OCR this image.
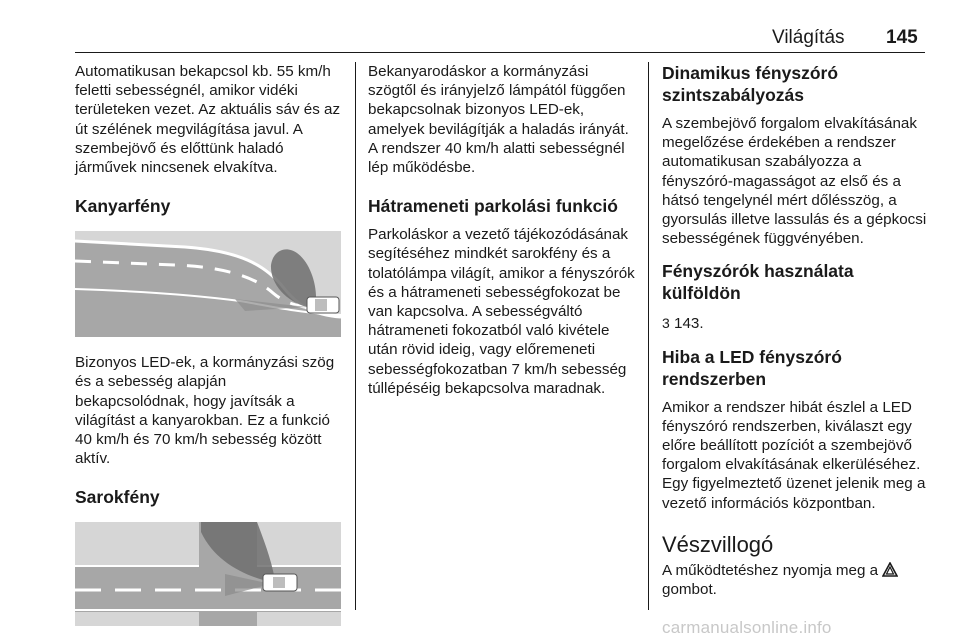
Világítás 145

Automatikusan bekapcsol kb. 55 km/h feletti sebességnél, amikor vidéki területeken vezet. Az aktuális sáv és az út szélének megvilágítása javul. A szembejövő és előttünk haladó járművek nincsenek elvakítva.

Kanyarfény

Bizonyos LED-ek, a kormányzási szög és a sebesség alapján bekapcsolódnak, hogy javítsák a világítást a kanyarokban. Ez a funkció 40 km/h és 70 km/h sebesség között aktív.

Sarokfény

Bekanyarodáskor a kormányzási szögtől és irányjelző lámpától függően bekapcsolnak bizonyos LED-ek, amelyek bevilágítják a haladás irányát. A rendszer 40 km/h alatti sebességnél lép működésbe.

Hátrameneti parkolási funkció

Parkoláskor a vezető tájékozódásának segítéséhez mindkét sarokfény és a tolatólámpa világít, amikor a fényszórók és a hátrameneti sebességfokozat be van kapcsolva. A sebességváltó hátrameneti fokozatból való kivétele után rövid ideig, vagy előremeneti sebességfokozatban 7 km/h sebesség túllépéséig bekapcsolva maradnak.

Dinamikus fényszóró szintszabályozás

A szembejövő forgalom elvakításának megelőzése érdekében a rendszer automatikusan szabályozza a fényszóró-magasságot az első és a hátsó tengelynél mért dőlésszög, a gyorsulás illetve lassulás és a gépkocsi sebességének függvényében.

Fényszórók használata külföldön

3 143.

Hiba a LED fényszóró rendszerben

Amikor a rendszer hibát észlel a LED fényszóró rendszerben, kiválaszt egy előre beállított pozíciót a szembejövő forgalom elvakításának elkerüléséhez. Egy figyelmeztető üzenet jelenik meg a vezető információs központban.

Vészvillogó

A működtetéshez nyomja meg a
gombot.

carmanualsonline.info
